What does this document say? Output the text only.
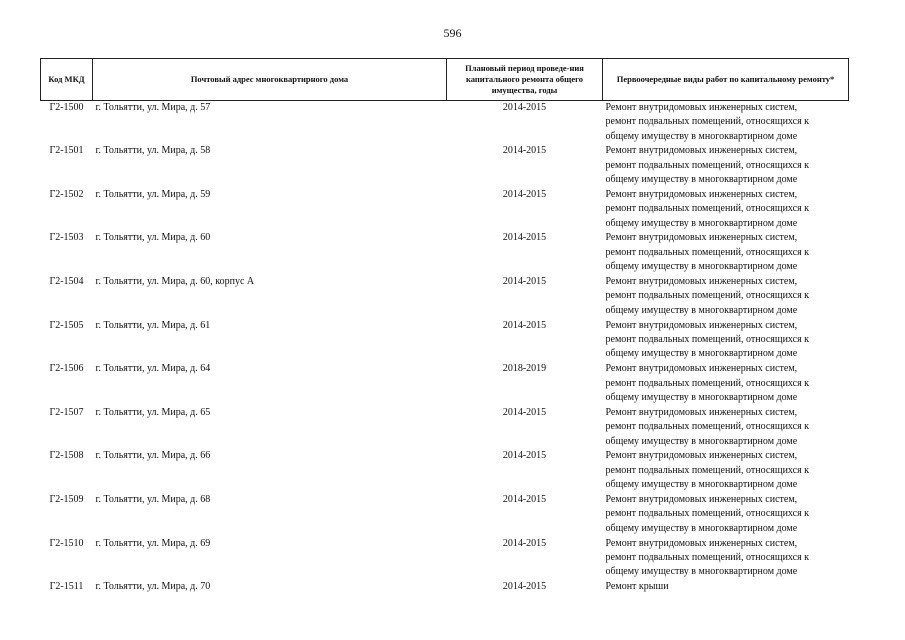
596
Код МКД	Почтовый адрес многоквартирного дома	Плановый период проведе-ния капитального ремонта общего имущества, годы	Первоочередные виды работ по капитальному ремонту*
Г2-1500	г. Тольятти, ул. Мира, д. 57	2014-2015	Ремонт внутридомовых инженерных систем,
ремонт подвальных помещений, относящихся к
общему имуществу в многоквартирном доме

Г2-1501	г. Тольятти, ул. Мира, д. 58	2014-2015	Ремонт внутридомовых инженерных систем,
ремонт подвальных помещений, относящихся к
общему имуществу в многоквартирном доме

Г2-1502	г. Тольятти, ул. Мира, д. 59	2014-2015	Ремонт внутридомовых инженерных систем,
ремонт подвальных помещений, относящихся к
общему имуществу в многоквартирном доме

Г2-1503	г. Тольятти, ул. Мира, д. 60	2014-2015	Ремонт внутридомовых инженерных систем,
ремонт подвальных помещений, относящихся к
общему имуществу в многоквартирном доме

Г2-1504	г. Тольятти, ул. Мира, д. 60, корпус А	2014-2015	Ремонт внутридомовых инженерных систем,
ремонт подвальных помещений, относящихся к
общему имуществу в многоквартирном доме

Г2-1505	г. Тольятти, ул. Мира, д. 61	2014-2015	Ремонт внутридомовых инженерных систем,
ремонт подвальных помещений, относящихся к
общему имуществу в многоквартирном доме

Г2-1506	г. Тольятти, ул. Мира, д. 64	2018-2019	Ремонт внутридомовых инженерных систем,
ремонт подвальных помещений, относящихся к
общему имуществу в многоквартирном доме

Г2-1507	г. Тольятти, ул. Мира, д. 65	2014-2015	Ремонт внутридомовых инженерных систем,
ремонт подвальных помещений, относящихся к
общему имуществу в многоквартирном доме

Г2-1508	г. Тольятти, ул. Мира, д. 66	2014-2015	Ремонт внутридомовых инженерных систем,
ремонт подвальных помещений, относящихся к
общему имуществу в многоквартирном доме

Г2-1509	г. Тольятти, ул. Мира, д. 68	2014-2015	Ремонт внутридомовых инженерных систем,
ремонт подвальных помещений, относящихся к
общему имуществу в многоквартирном доме

Г2-1510	г. Тольятти, ул. Мира, д. 69	2014-2015	Ремонт внутридомовых инженерных систем,
ремонт подвальных помещений, относящихся к
общему имуществу в многоквартирном доме

Г2-1511	г. Тольятти, ул. Мира, д. 70	2014-2015	Ремонт крыши
